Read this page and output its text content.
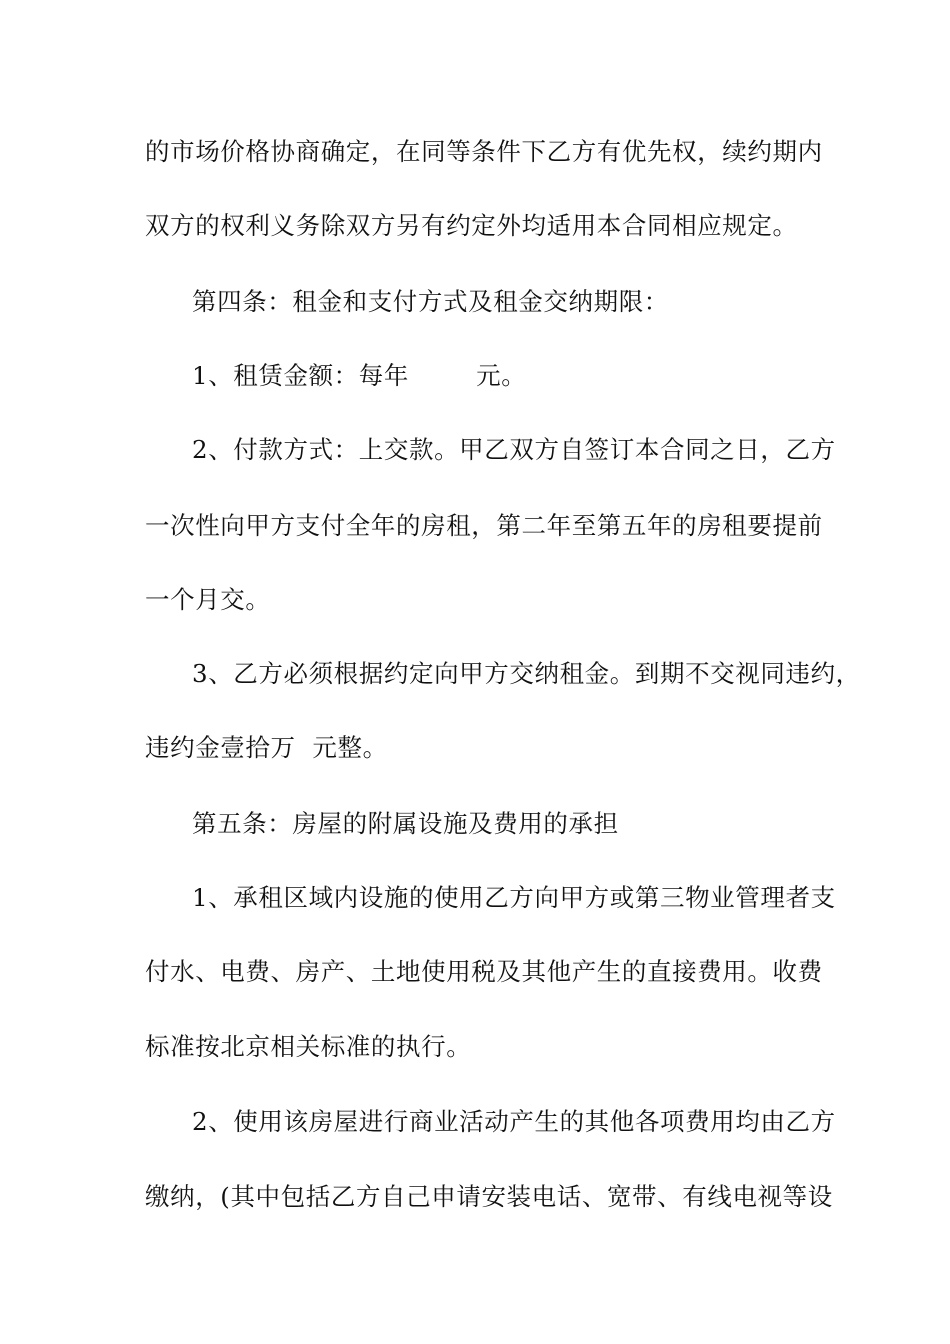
的市场价格协商确定，在同等条件下乙方有优先权，续约期内
双方的权利义务除双方另有约定外均适用本合同相应规定。
第四条：租金和支付方式及租金交纳期限：
1、租赁金额：每年        元。
2、付款方式：上交款。甲乙双方自签订本合同之日，乙方
一次性向甲方支付全年的房租，第二年至第五年的房租要提前
一个月交。
3、乙方必须根据约定向甲方交纳租金。到期不交视同违约，
违约金壹拾万  元整。
第五条：房屋的附属设施及费用的承担
1、承租区域内设施的使用乙方向甲方或第三物业管理者支
付水、电费、房产、土地使用税及其他产生的直接费用。收费
标准按北京相关标准的执行。
2、使用该房屋进行商业活动产生的其他各项费用均由乙方
缴纳，(其中包括乙方自己申请安装电话、宽带、有线电视等设
